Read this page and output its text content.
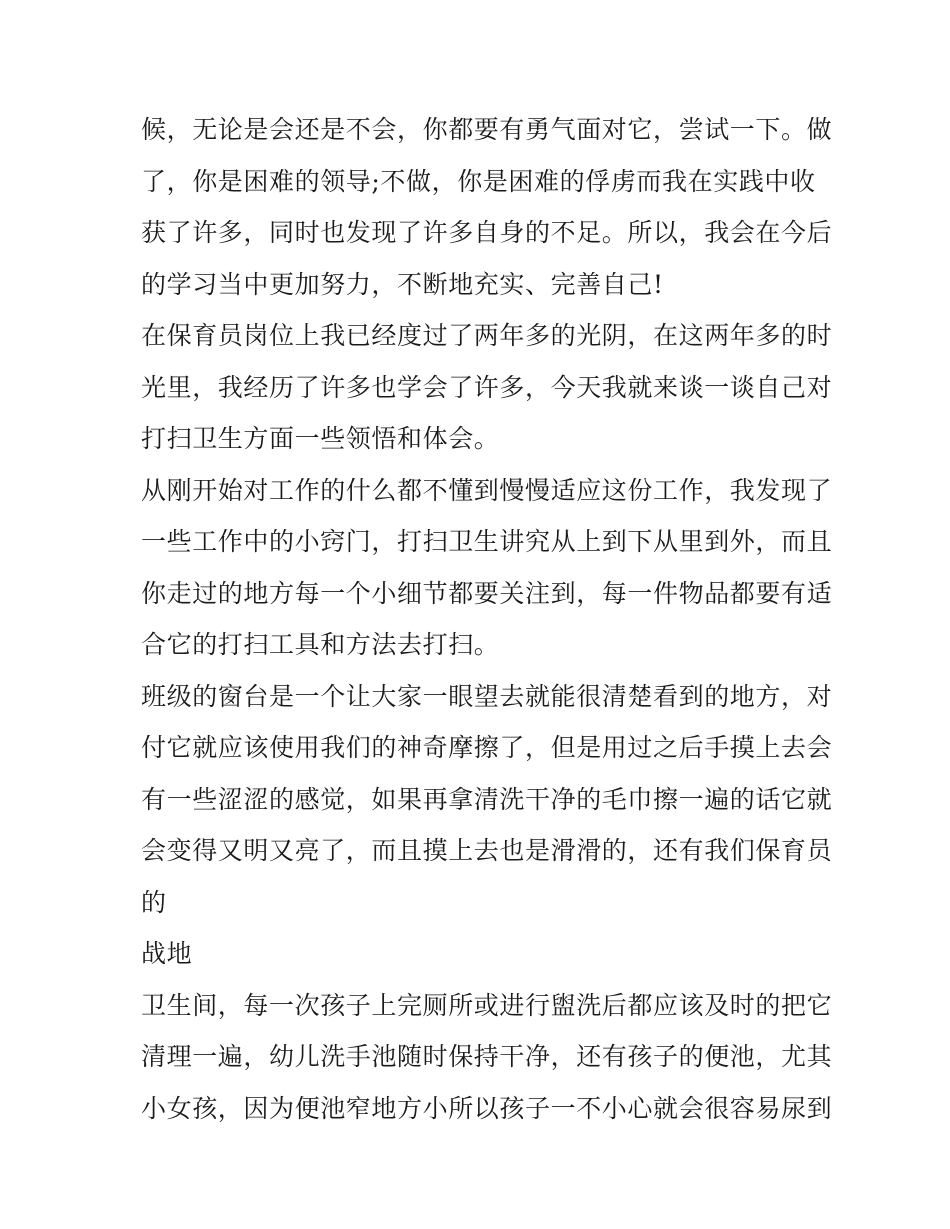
候，无论是会还是不会，你都要有勇气面对它，尝试一下。做
了，你是困难的领导;不做，你是困难的俘虏而我在实践中收
获了许多，同时也发现了许多自身的不足。所以，我会在今后
的学习当中更加努力，不断地充实、完善自己!
在保育员岗位上我已经度过了两年多的光阴，在这两年多的时
光里，我经历了许多也学会了许多，今天我就来谈一谈自己对
打扫卫生方面一些领悟和体会。
从刚开始对工作的什么都不懂到慢慢适应这份工作，我发现了
一些工作中的小窍门，打扫卫生讲究从上到下从里到外，而且
你走过的地方每一个小细节都要关注到，每一件物品都要有适
合它的打扫工具和方法去打扫。
班级的窗台是一个让大家一眼望去就能很清楚看到的地方，对
付它就应该使用我们的神奇摩擦了，但是用过之后手摸上去会
有一些涩涩的感觉，如果再拿清洗干净的毛巾擦一遍的话它就
会变得又明又亮了，而且摸上去也是滑滑的，还有我们保育员
的
战地
卫生间，每一次孩子上完厕所或进行盥洗后都应该及时的把它
清理一遍，幼儿洗手池随时保持干净，还有孩子的便池，尤其
小女孩，因为便池窄地方小所以孩子一不小心就会很容易尿到
